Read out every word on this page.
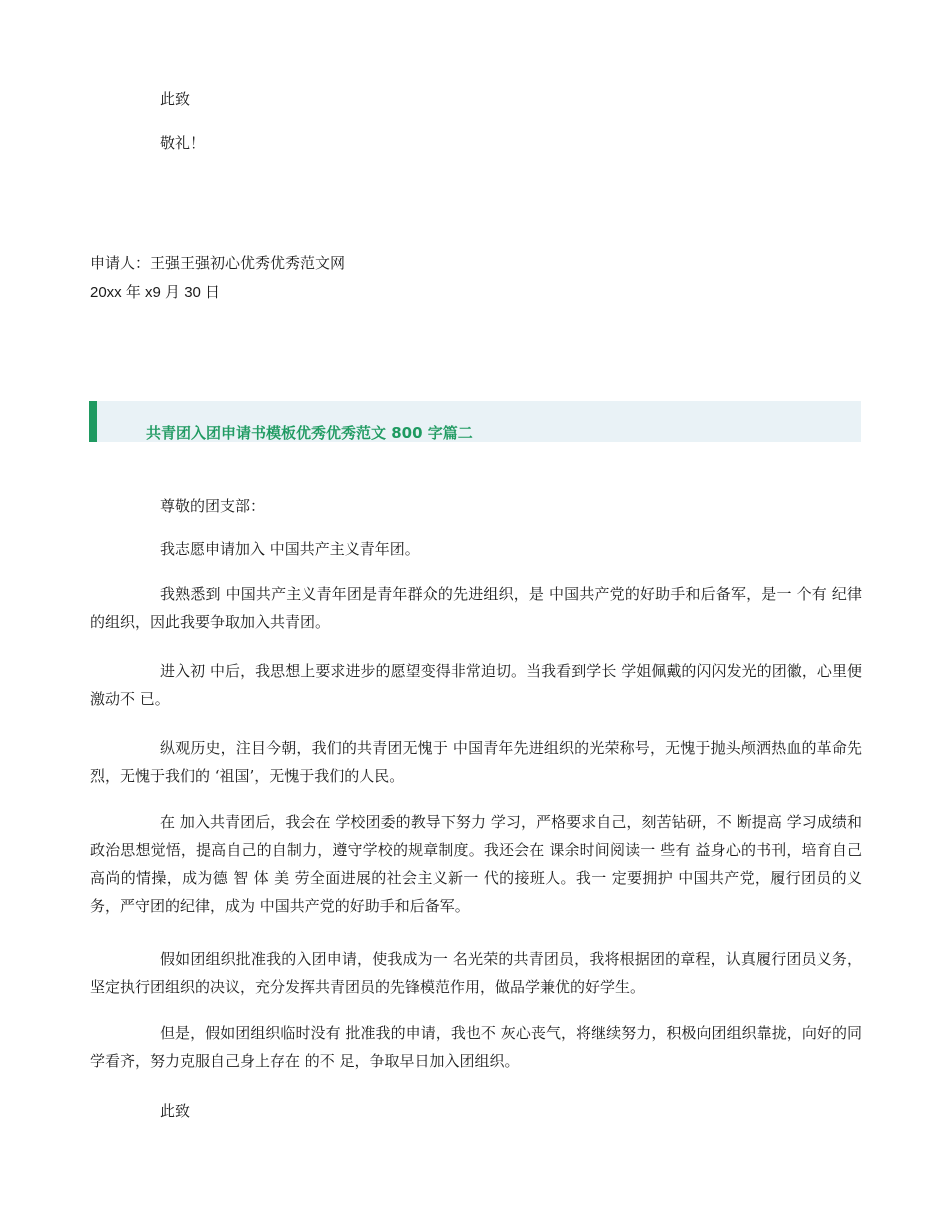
此致
敬礼！
申请人：王强王强初心优秀优秀范文网
20xx 年 x9 月 30 日
共青团入团申请书模板优秀优秀范文 800 字篇二
尊敬的团支部：
我志愿申请加入 中国共产主义青年团。
我熟悉到 中国共产主义青年团是青年群众的先进组织，是 中国共产党的好助手和后备军，是一 个有 纪律的组织，因此我要争取加入共青团。
进入初 中后，我思想上要求进步的愿望变得非常迫切。当我看到学长 学姐佩戴的闪闪发光的团徽，心里便激动不 已。
纵观历史，注目今朝，我们的共青团无愧于 中国青年先进组织的光荣称号，无愧于抛头颅洒热血的革命先烈，无愧于我们的 ‘祖国’，无愧于我们的人民。
在 加入共青团后，我会在 学校团委的教导下努力 学习，严格要求自己，刻苦钻研，不 断提高 学习成绩和政治思想觉悟，提高自己的自制力，遵守学校的规章制度。我还会在 课余时间阅读一 些有 益身心的书刊，培育自己高尚的情操，成为德 智 体 美 劳全面进展的社会主义新一 代的接班人。我一 定要拥护 中国共产党，履行团员的义务，严守团的纪律，成为 中国共产党的好助手和后备军。
假如团组织批准我的入团申请，使我成为一 名光荣的共青团员，我将根据团的章程，认真履行团员义务，坚定执行团组织的决议，充分发挥共青团员的先锋模范作用，做品学兼优的好学生。
但是，假如团组织临时没有 批准我的申请，我也不 灰心丧气，将继续努力，积极向团组织靠拢，向好的同学看齐，努力克服自己身上存在 的不 足，争取早日加入团组织。
此致
